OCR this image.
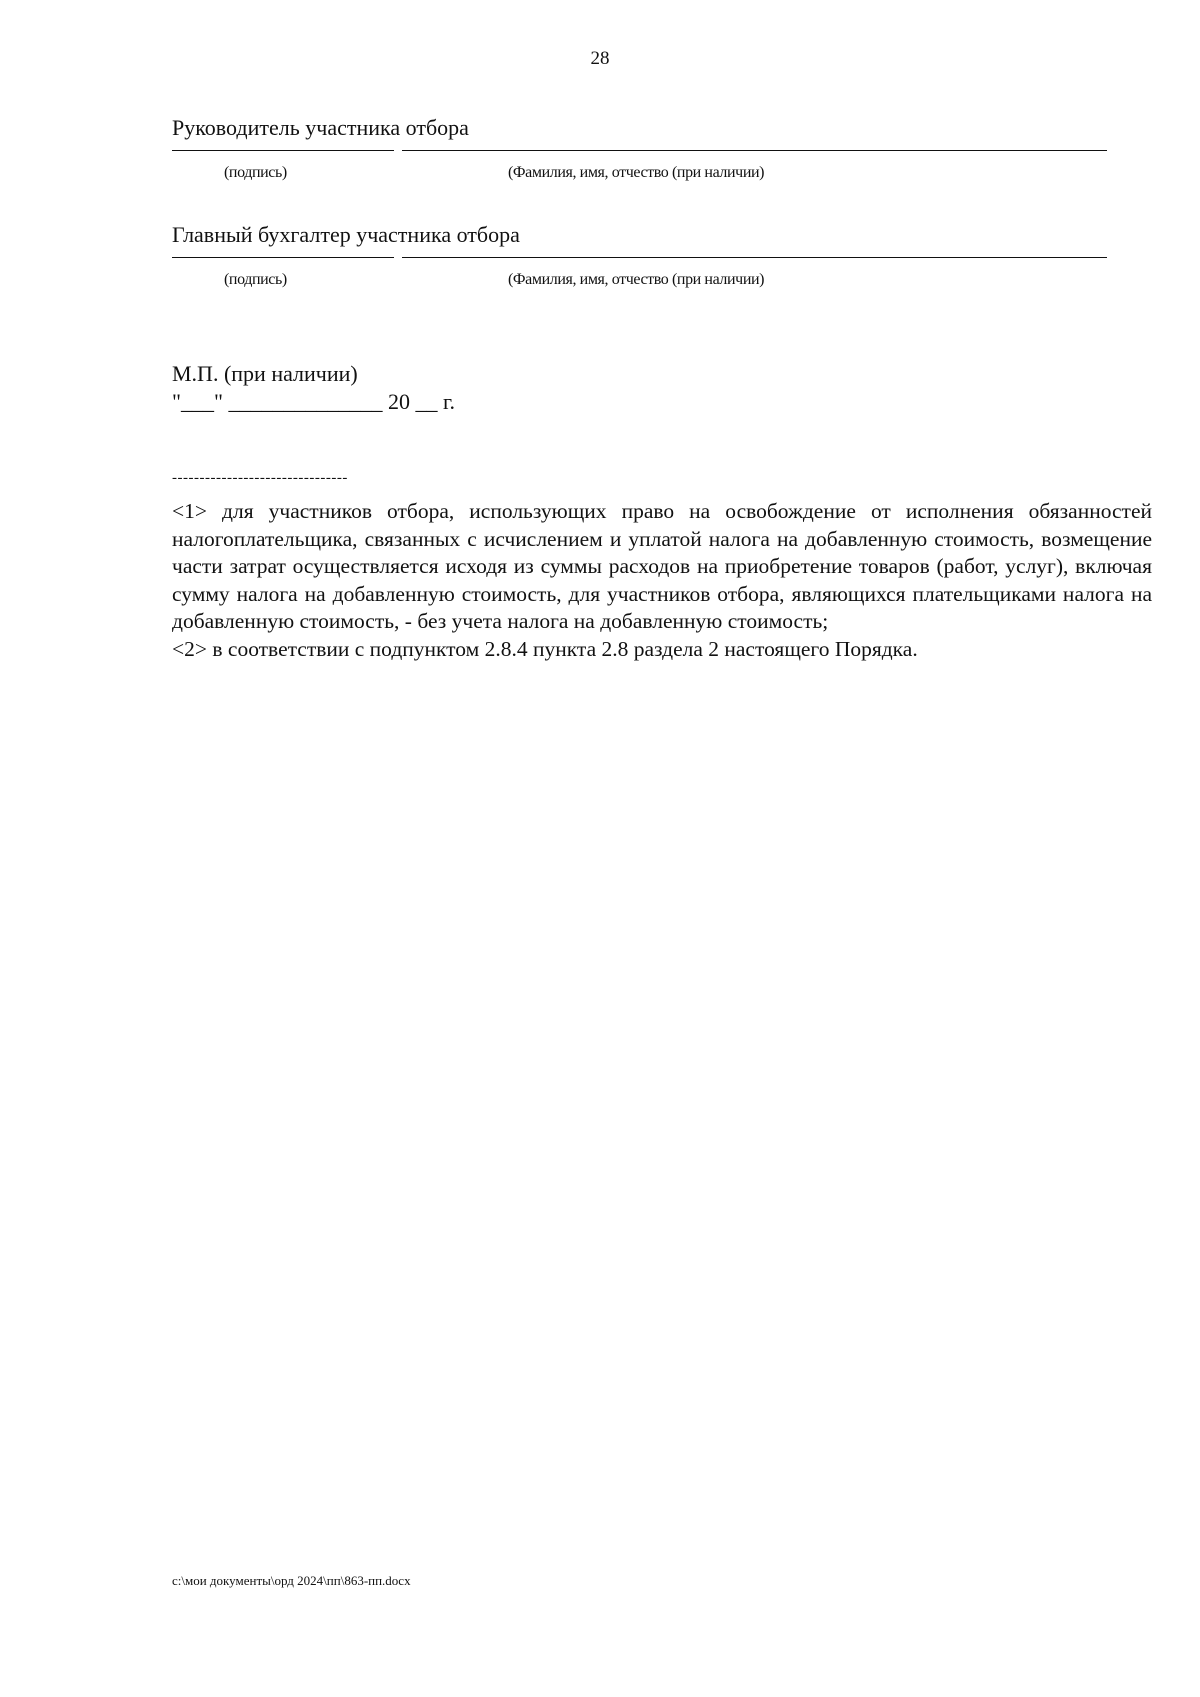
28
Руководитель участника отбора
(подпись)	(Фамилия, имя, отчество (при наличии)
Главный бухгалтер участника отбора
(подпись)	(Фамилия, имя, отчество (при наличии)
М.П. (при наличии)
"___" ______________ 20 __ г.
--------------------------------

<1> для участников отбора, использующих право на освобождение от исполнения обязанностей налогоплательщика, связанных с исчислением и уплатой налога на добавленную стоимость, возмещение части затрат осуществляется исходя из суммы расходов на приобретение товаров (работ, услуг), включая сумму налога на добавленную стоимость, для участников отбора, являющихся плательщиками налога на добавленную стоимость, - без учета налога на добавленную стоимость;

<2> в соответствии с подпунктом 2.8.4 пункта 2.8 раздела 2 настоящего Порядка.

c:\мои документы\орд 2024\пп\863-пп.docx
